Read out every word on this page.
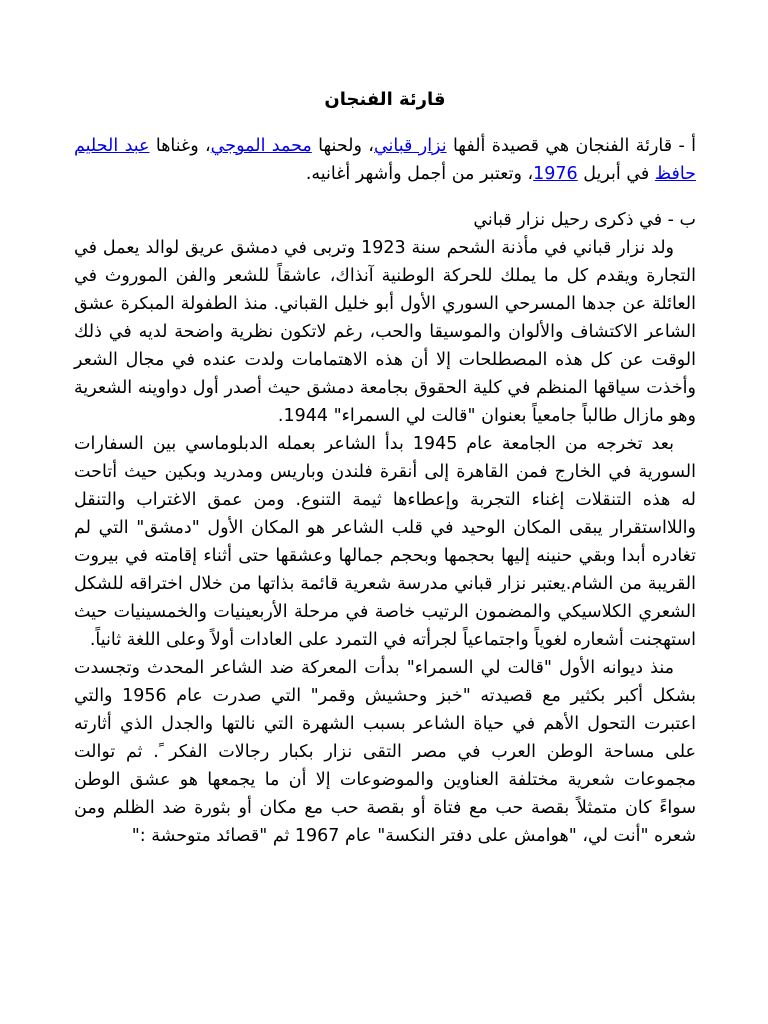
قارئة الفنجان

أ - قارئة الفنجان هي قصيدة ألفها نزار قباني، ولحنها محمد الموجي، وغناها عبد الحليم حافظ في أبريل 1976، وتعتبر من أجمل وأشهر أغانيه.

ب - في ذكرى رحيل نزار قباني

ولد نزار قباني في مأذنة الشحم سنة 1923 وتربى في دمشق عريق لوالد يعمل في التجارة ويقدم كل ما يملك للحركة الوطنية آنذاك، عاشقاً للشعر والفن الموروث في العائلة عن جدها المسرحي السوري الأول أبو خليل القباني. منذ الطفولة المبكرة عشق الشاعر الاكتشاف والألوان والموسيقا والحب، رغم لاتكون نظرية واضحة لديه في ذلك الوقت عن كل هذه المصطلحات إلا أن هذه الاهتمامات ولدت عنده في مجال الشعر وأخذت سياقها المنظم في كلية الحقوق بجامعة دمشق حيث أصدر أول دواوينه الشعرية وهو مازال طالباً جامعياً بعنوان "قالت لي السمراء" 1944.

بعد تخرجه من الجامعة عام 1945 بدأ الشاعر بعمله الدبلوماسي بين السفارات السورية في الخارج فمن القاهرة إلى أنقرة فلندن وباريس ومدريد وبكين حيث أتاحت له هذه التنقلات إغناء التجربة وإعطاءها ثيمة التنوع. ومن عمق الاغتراب والتنقل واللااستقرار يبقى المكان الوحيد في قلب الشاعر هو المكان الأول "دمشق" التي لم تغادره أبدا وبقي حنينه إليها بحجمها وبحجم جمالها وعشقها حتى أثناء إقامته في بيروت القريبة من الشام.يعتبر نزار قباني مدرسة شعرية قائمة بذاتها من خلال اختراقه للشكل الشعري الكلاسيكي والمضمون الرتيب خاصة في مرحلة الأربعينيات والخمسينيات حيث استهجنت أشعاره لغوياً واجتماعياً لجرأته في التمرد على العادات أولاً وعلى اللغة ثانياً.

منذ ديوانه الأول "قالت لي السمراء" بدأت المعركة ضد الشاعر المحدث وتجسدت بشكل أكبر بكثير مع قصيدته "خبز وحشيش وقمر" التي صدرت عام 1956 والتي اعتبرت التحول الأهم في حياة الشاعر بسبب الشهرة التي نالتها والجدل الذي أثارته على مساحة الوطن العرب في مصر التقى نزار بكبار رجالات الفكر ً. ثم توالت مجموعات شعرية مختلفة العناوين والموضوعات إلا أن ما يجمعها هو عشق الوطن سواءً كان متمثلاً بقصة حب مع فتاة أو بقصة حب مع مكان أو بثورة ضد الظلم ومن شعره "أنت لي، "هوامش على دفتر النكسة" عام 1967 ثم "قصائد متوحشة :"
